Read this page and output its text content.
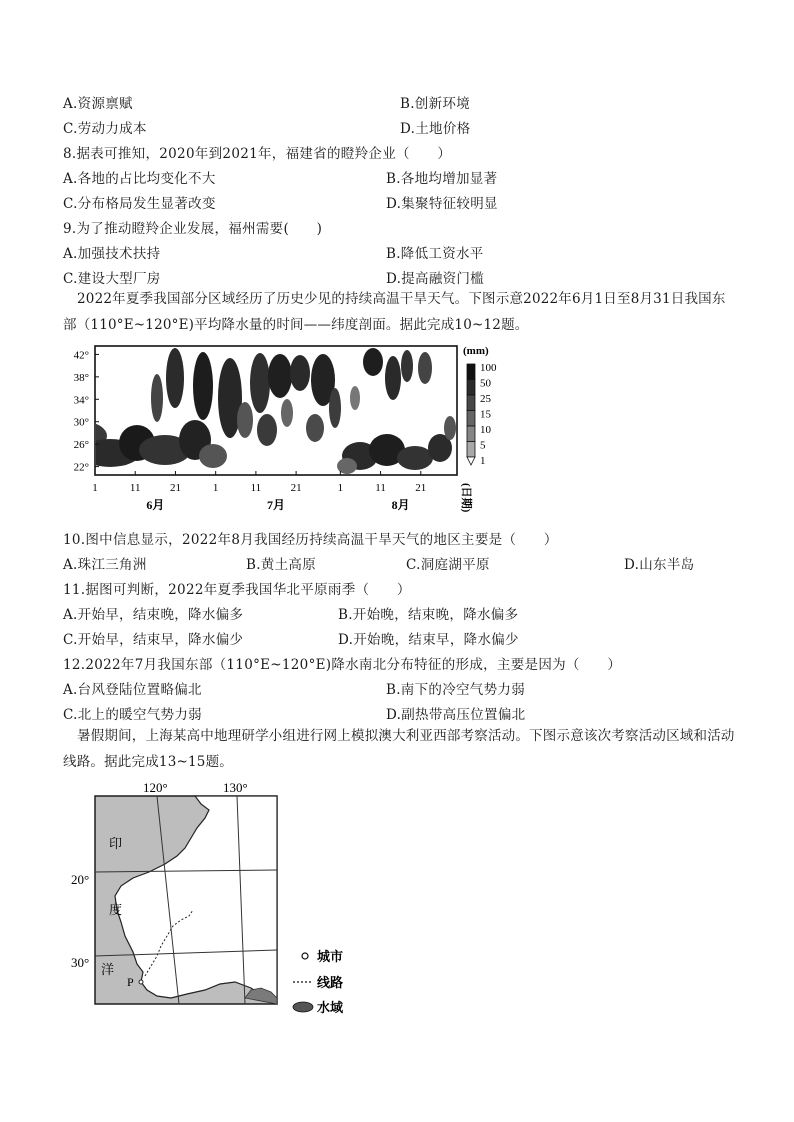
A.资源禀赋	B.创新环境
C.劳动力成本	D.土地价格
8.据表可推知，2020年到2021年，福建省的瞪羚企业（　　）
A.各地的占比均变化不大	B.各地均增加显著
C.分布格局发生显著改变	D.集聚特征较明显
9.为了推动瞪羚企业发展，福州需要(　　)
A.加强技术扶持	B.降低工资水平
C.建设大型厂房	D.提高融资门槛
2022年夏季我国部分区域经历了历史少见的持续高温干旱天气。下图示意2022年6月1日至8月31日我国东部（110°E~120°E)平均降水量的时间——纬度剖面。据此完成10~12题。
42°
38°
34°
30°
26°
22°
1	11	21	1	11	21	1	11	21
6月	7月	8月	(日期)
(mm)
100
50
25
15
10
5
1
10.图中信息显示，2022年8月我国经历持续高温干旱天气的地区主要是（　　）
A.珠江三角洲	B.黄土高原	C.洞庭湖平原	D.山东半岛
11.据图可判断，2022年夏季我国华北平原雨季（　　）
A.开始早，结束晚，降水偏多	B.开始晚，结束晚，降水偏多
C.开始早，结束早，降水偏少	D.开始晚，结束早，降水偏少
12.2022年7月我国东部（110°E~120°E)降水南北分布特征的形成，主要是因为（　　）
A.台风登陆位置略偏北	B.南下的冷空气势力弱
C.北上的暖空气势力弱	D.副热带高压位置偏北
暑假期间，上海某高中地理研学小组进行网上模拟澳大利亚西部考察活动。下图示意该次考察活动区域和活动线路。据此完成13~15题。
120°	130°
20°
30°
印
度
洋
P
城市
线路
水域
